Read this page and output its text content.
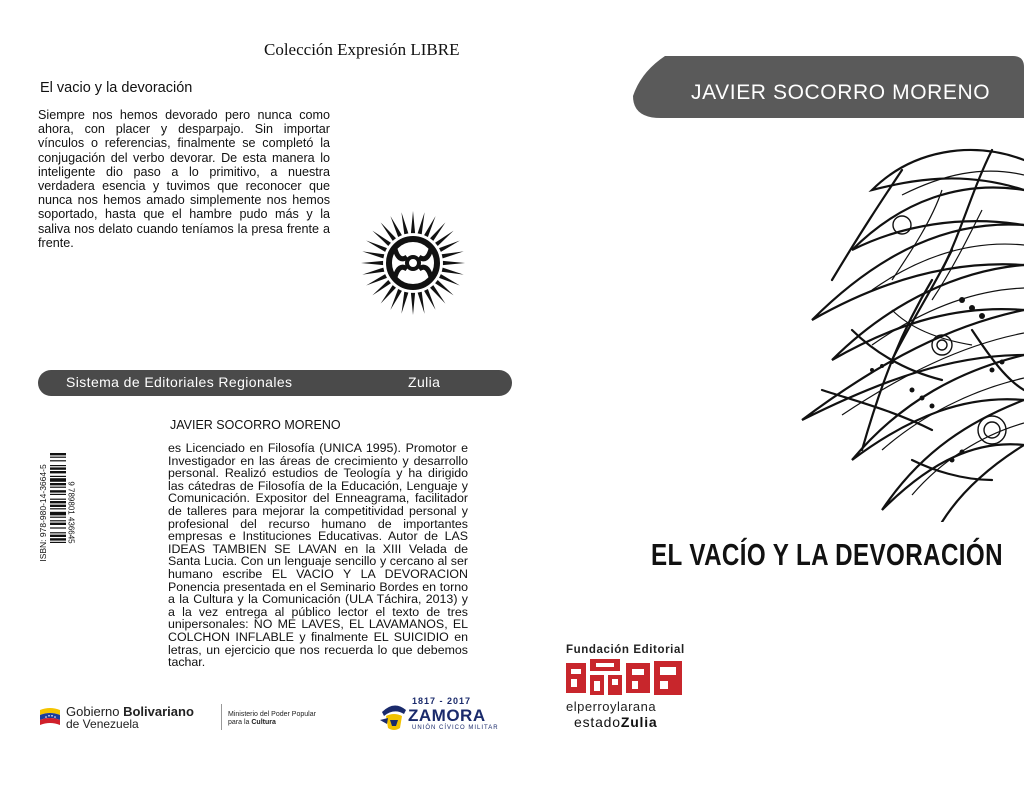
Colección Expresión LIBRE
El vacio y la devoración
Siempre nos hemos devorado pero nunca como ahora, con placer y desparpajo. Sin importar vínculos o referencias, finalmente se completó la conjugación del verbo devorar. De esta manera lo inteligente dio paso a lo primitivo, a nuestra verdadera esencia y tuvimos que reconocer que nunca nos hemos amado simplemente nos hemos soportado, hasta que el hambre pudo más y la saliva nos delato cuando teníamos la presa frente a frente.
Sistema de Editoriales Regionales	Zulia
JAVIER SOCORRO MORENO
es Licenciado en Filosofía (UNICA 1995). Promotor e Investigador en las áreas de crecimiento y desarrollo personal. Realizó estudios de Teología y ha dirigido las cátedras de Filosofía de la Educación, Lenguaje y Comunicación. Expositor del Enneagrama, facilitador de talleres para mejorar la competitividad personal y profesional del recurso humano de importantes empresas e Instituciones Educativas. Autor de LAS IDEAS TAMBIEN SE LAVAN en la XIII Velada de Santa Lucia. Con un lenguaje sencillo y cercano al ser humano escribe EL VACIO Y LA DEVORACION Ponencia presentada en el Seminario Bordes en torno a la Cultura y la Comunicación (ULA Táchira, 2013) y a la vez entrega al público lector el texto de tres unipersonales: NO ME LAVES, EL LAVAMANOS, EL COLCHON INFLABLE y finalmente EL SUICIDIO en letras, un ejercicio que nos recuerda lo que debemos tachar.
ISBN: 978-980-14-3664-5 9 789801 436645
Gobierno Bolivariano
de Venezuela
Ministerio del Poder Popular
para la Cultura
1817 - 2017
ZAMORA
UNIÓN CÍVICO MILITAR
JAVIER SOCORRO MORENO
EL VACÍO Y LA DEVORACIÓN
Fundación Editorial
elperroylarana
estadoZulia
